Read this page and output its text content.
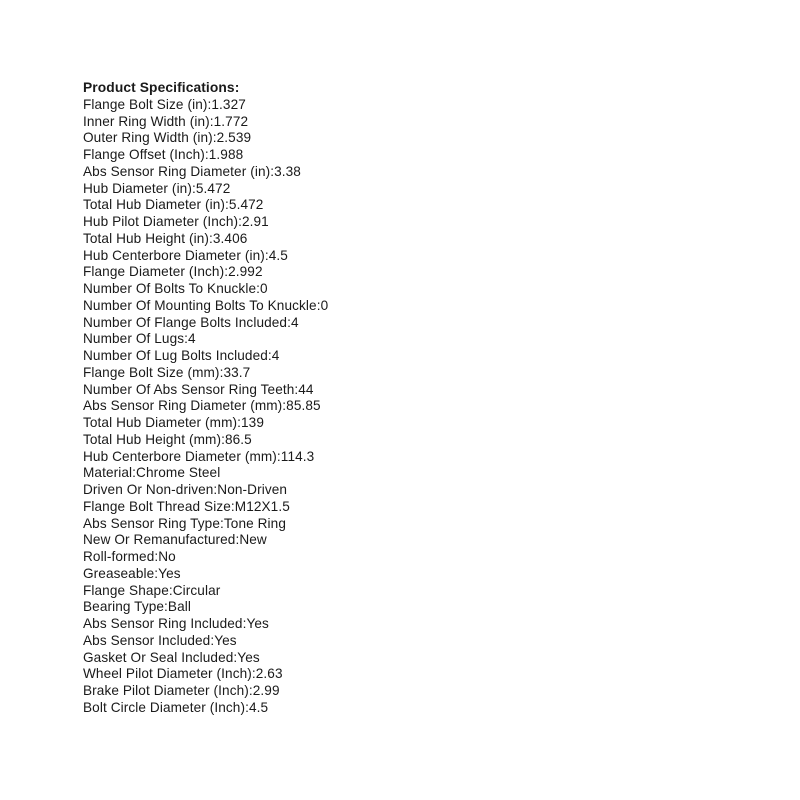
Product Specifications:

Flange Bolt Size (in):1.327
Inner Ring Width (in):1.772
Outer Ring Width (in):2.539
Flange Offset (Inch):1.988
Abs Sensor Ring Diameter (in):3.38
Hub Diameter (in):5.472
Total Hub Diameter (in):5.472
Hub Pilot Diameter (Inch):2.91
Total Hub Height (in):3.406
Hub Centerbore Diameter (in):4.5
Flange Diameter (Inch):2.992
Number Of Bolts To Knuckle:0
Number Of Mounting Bolts To Knuckle:0
Number Of Flange Bolts Included:4
Number Of Lugs:4
Number Of Lug Bolts Included:4
Flange Bolt Size (mm):33.7
Number Of Abs Sensor Ring Teeth:44
Abs Sensor Ring Diameter (mm):85.85
Total Hub Diameter (mm):139
Total Hub Height (mm):86.5
Hub Centerbore Diameter (mm):114.3
Material:Chrome Steel
Driven Or Non-driven:Non-Driven
Flange Bolt Thread Size:M12X1.5
Abs Sensor Ring Type:Tone Ring
New Or Remanufactured:New
Roll-formed:No
Greaseable:Yes
Flange Shape:Circular
Bearing Type:Ball
Abs Sensor Ring Included:Yes
Abs Sensor Included:Yes
Gasket Or Seal Included:Yes
Wheel Pilot Diameter (Inch):2.63
Brake Pilot Diameter (Inch):2.99
Bolt Circle Diameter (Inch):4.5
